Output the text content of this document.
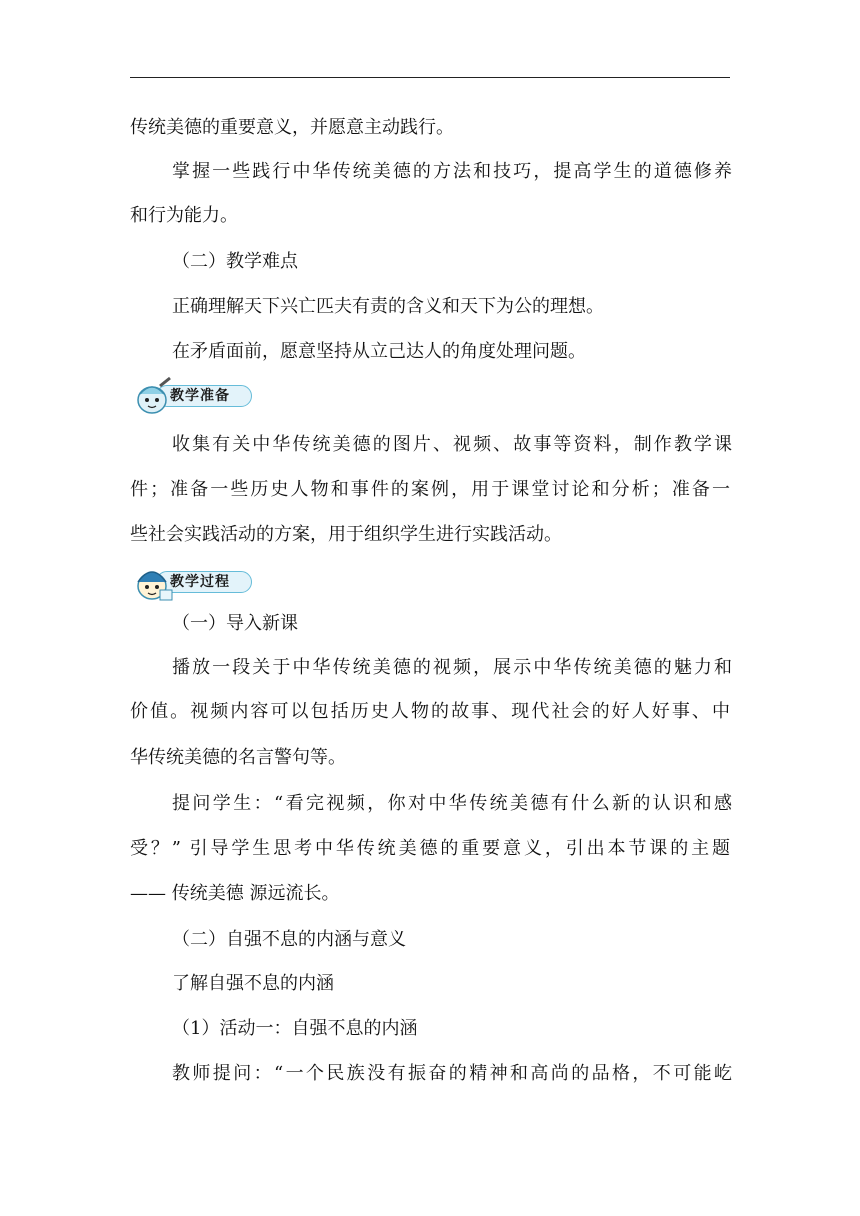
传统美德的重要意义，并愿意主动践行。
掌握一些践行中华传统美德的方法和技巧，提高学生的道德修养
和行为能力。
（二）教学难点
正确理解天下兴亡匹夫有责的含义和天下为公的理想。
在矛盾面前，愿意坚持从立己达人的角度处理问题。
教学准备
收集有关中华传统美德的图片、视频、故事等资料，制作教学课
件；准备一些历史人物和事件的案例，用于课堂讨论和分析；准备一
些社会实践活动的方案，用于组织学生进行实践活动。
教学过程
（一）导入新课
播放一段关于中华传统美德的视频，展示中华传统美德的魅力和
价值。视频内容可以包括历史人物的故事、现代社会的好人好事、中
华传统美德的名言警句等。
提问学生：“看完视频，你对中华传统美德有什么新的认识和感
受？” 引导学生思考中华传统美德的重要意义，引出本节课的主题
—— 传统美德 源远流长。
（二）自强不息的内涵与意义
了解自强不息的内涵
（1）活动一：自强不息的内涵
教师提问：“一个民族没有振奋的精神和高尚的品格，不可能屹
